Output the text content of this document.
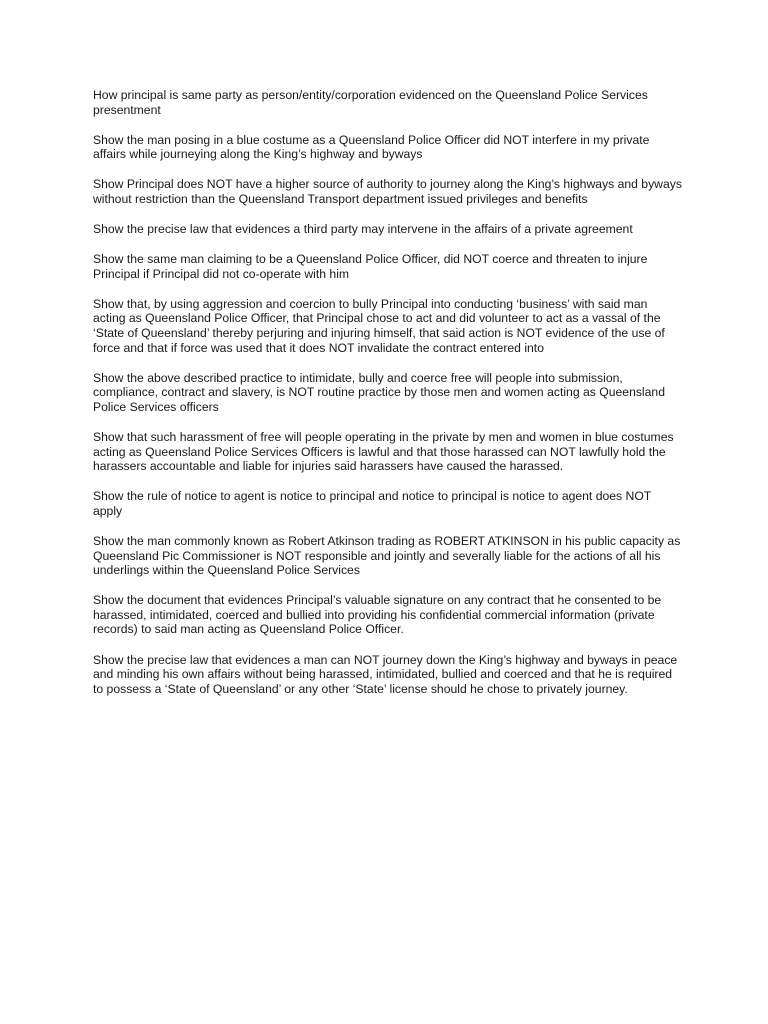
How principal is same party as person/entity/corporation evidenced on the Queensland Police Services presentment

Show the man posing in a blue costume as a Queensland Police Officer did NOT interfere in my private affairs while journeying along the King’s highway and byways

Show Principal does NOT have a higher source of authority to journey along the King’s highways and byways without restriction than the Queensland Transport department issued privileges and benefits

Show the precise law that evidences a third party may intervene in the affairs of a private agreement

Show the same man claiming to be a Queensland Police Officer, did NOT coerce and threaten to injure Principal if Principal did not co-operate with him

Show that, by using aggression and coercion to bully Principal into conducting ‘business’ with said man acting as Queensland Police Officer, that Principal chose to act and did volunteer to act as a vassal of the ‘State of Queensland’ thereby perjuring and injuring himself, that said action is NOT evidence of the use of force and that if force was used that it does NOT invalidate the contract entered into

Show the above described practice to intimidate, bully and coerce free will people into submission, compliance, contract and slavery, is NOT routine practice by those men and women acting as Queensland Police Services officers

Show that such harassment of free will people operating in the private by men and women in blue costumes acting as Queensland Police Services Officers is lawful and that those harassed can NOT lawfully hold the harassers accountable and liable for injuries said harassers have caused the harassed.

Show the rule of notice to agent is notice to principal and notice to principal is notice to agent does NOT apply

Show the man commonly known as Robert Atkinson trading as ROBERT ATKINSON in his public capacity as Queensland Pic Commissioner is NOT responsible and jointly and severally liable for the actions of all his underlings within the Queensland Police Services

Show the document that evidences Principal’s valuable signature on any contract that he consented to be harassed, intimidated, coerced and bullied into providing his confidential commercial information (private records) to said man acting as Queensland Police Officer.

Show the precise law that evidences a man can NOT journey down the King’s highway and byways in peace and minding his own affairs without being harassed, intimidated, bullied and coerced and that he is required to possess a ‘State of Queensland’ or any other ‘State’ license should he chose to privately journey.
